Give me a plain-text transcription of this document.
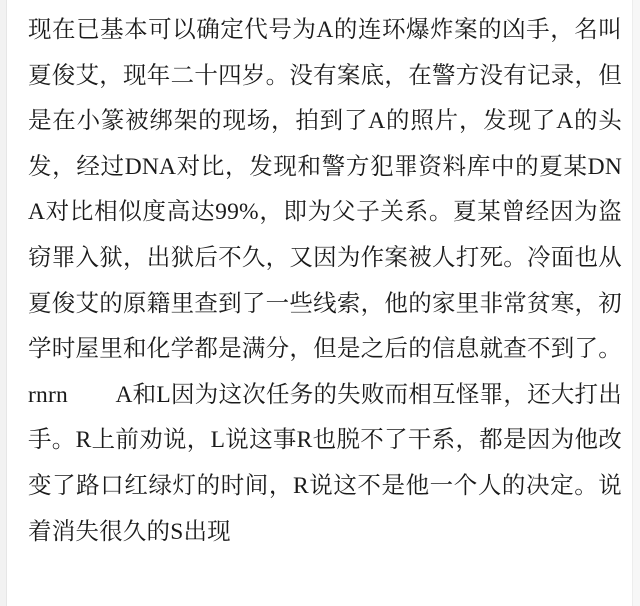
现在已基本可以确定代号为A的连环爆炸案的凶手，名叫夏俊艾，现年二十四岁。没有案底，在警方没有记录，但是在小篆被绑架的现场，拍到了A的照片，发现了A的头发，经过DNA对比，发现和警方犯罪资料库中的夏某DNA对比相似度高达99%，即为父子关系。夏某曾经因为盗窃罪入狱，出狱后不久，又因为作案被人打死。冷面也从夏俊艾的原籍里查到了一些线索，他的家里非常贫寒，初学时屋里和化学都是满分，但是之后的信息就查不到了。rnrn　　A和L因为这次任务的失败而相互怪罪，还大打出手。R上前劝说，L说这事R也脱不了干系，都是因为他改变了路口红绿灯的时间，R说这不是他一个人的决定。说着消失很久的S出现
